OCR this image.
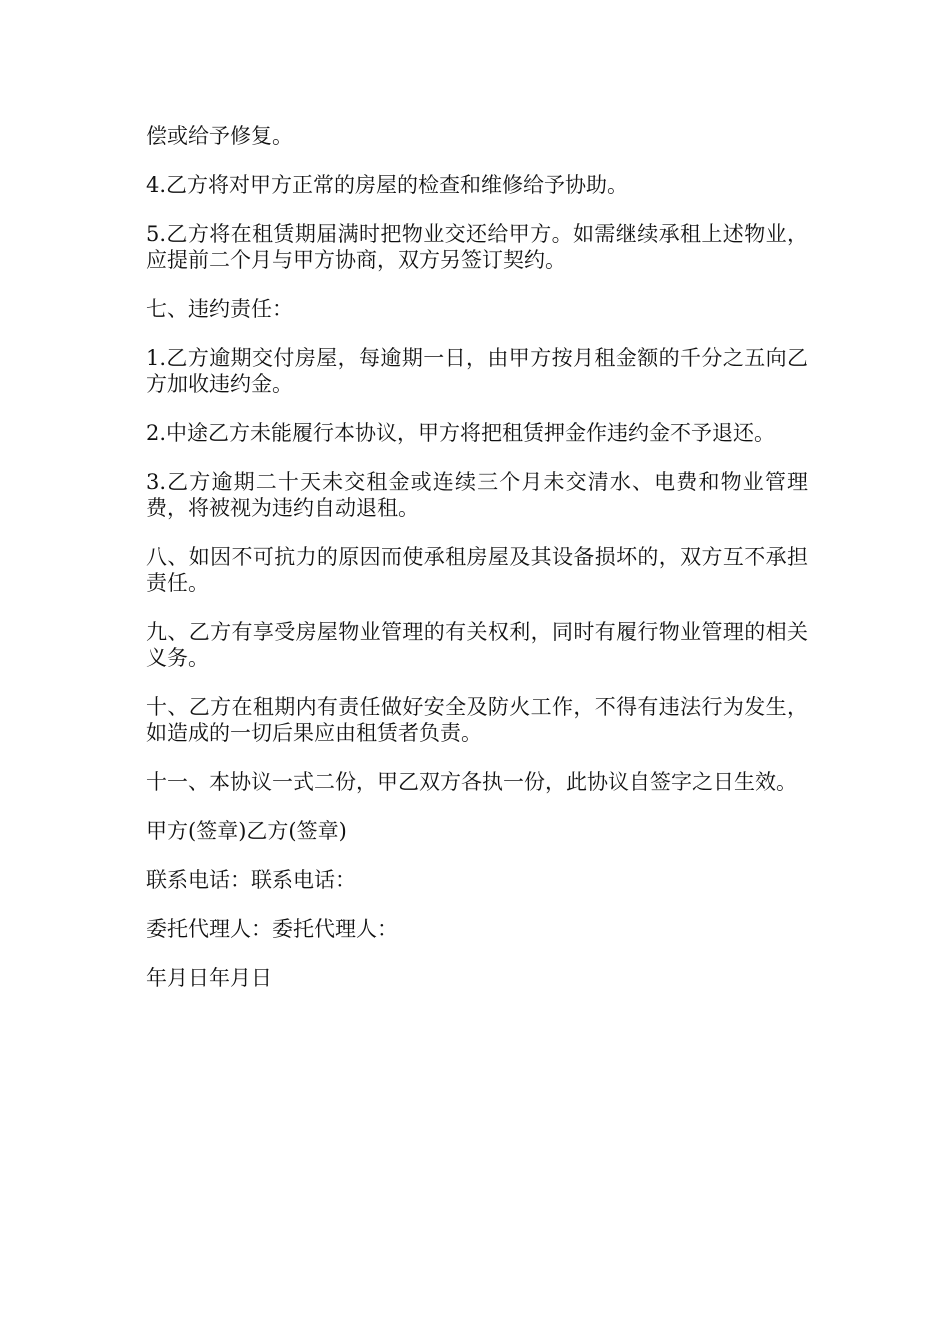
偿或给予修复。

4.乙方将对甲方正常的房屋的检查和维修给予协助。

5.乙方将在租赁期届满时把物业交还给甲方。如需继续承租上述物业，应提前二个月与甲方协商，双方另签订契约。

七、违约责任：

1.乙方逾期交付房屋，每逾期一日，由甲方按月租金额的千分之五向乙方加收违约金。

2.中途乙方未能履行本协议，甲方将把租赁押金作违约金不予退还。

3.乙方逾期二十天未交租金或连续三个月未交清水、电费和物业管理费，将被视为违约自动退租。

八、如因不可抗力的原因而使承租房屋及其设备损坏的，双方互不承担责任。

九、乙方有享受房屋物业管理的有关权利，同时有履行物业管理的相关义务。

十、乙方在租期内有责任做好安全及防火工作，不得有违法行为发生，如造成的一切后果应由租赁者负责。

十一、本协议一式二份，甲乙双方各执一份，此协议自签字之日生效。

甲方(签章)乙方(签章)

联系电话：联系电话：

委托代理人：委托代理人：

年月日年月日
